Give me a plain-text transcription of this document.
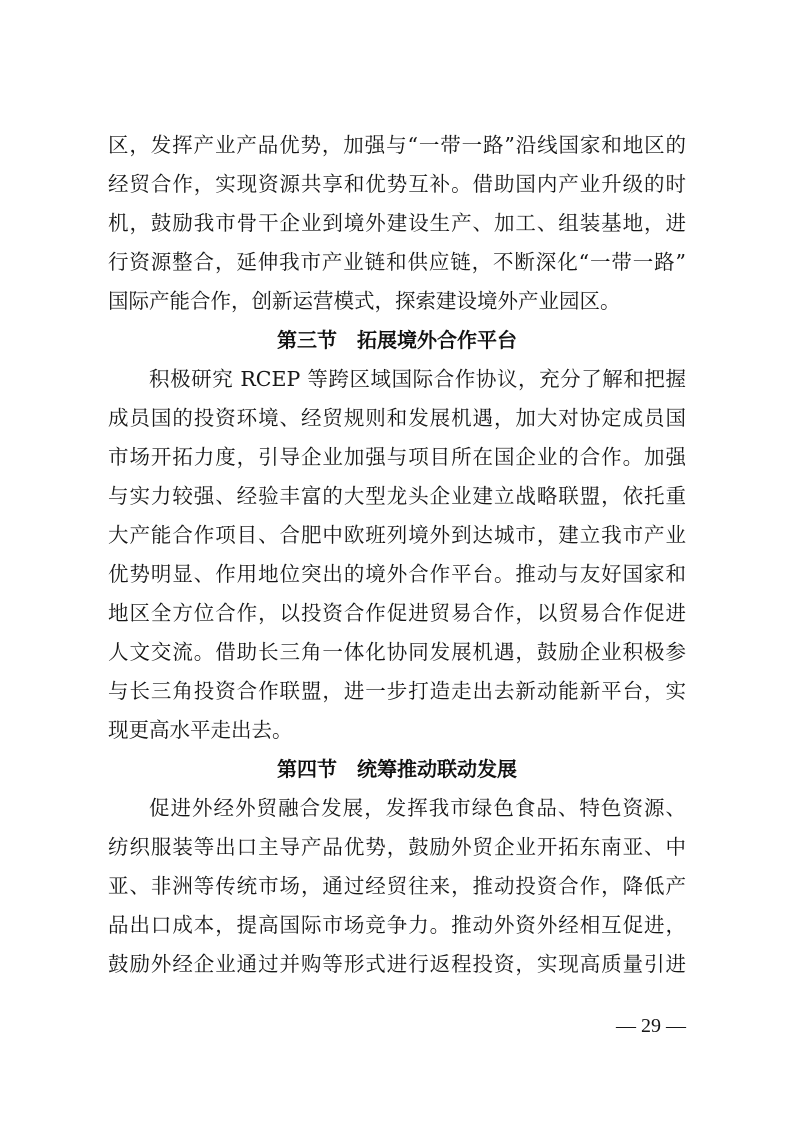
区，发挥产业产品优势，加强与“一带一路”沿线国家和地区的
经贸合作，实现资源共享和优势互补。借助国内产业升级的时
机，鼓励我市骨干企业到境外建设生产、加工、组装基地，进
行资源整合，延伸我市产业链和供应链，不断深化“一带一路”
国际产能合作，创新运营模式，探索建设境外产业园区。
第三节　拓展境外合作平台
积极研究 RCEP 等跨区域国际合作协议，充分了解和把握
成员国的投资环境、经贸规则和发展机遇，加大对协定成员国
市场开拓力度，引导企业加强与项目所在国企业的合作。加强
与实力较强、经验丰富的大型龙头企业建立战略联盟，依托重
大产能合作项目、合肥中欧班列境外到达城市，建立我市产业
优势明显、作用地位突出的境外合作平台。推动与友好国家和
地区全方位合作，以投资合作促进贸易合作，以贸易合作促进
人文交流。借助长三角一体化协同发展机遇，鼓励企业积极参
与长三角投资合作联盟，进一步打造走出去新动能新平台，实
现更高水平走出去。
第四节　统筹推动联动发展
促进外经外贸融合发展，发挥我市绿色食品、特色资源、
纺织服装等出口主导产品优势，鼓励外贸企业开拓东南亚、中
亚、非洲等传统市场，通过经贸往来，推动投资合作，降低产
品出口成本，提高国际市场竞争力。推动外资外经相互促进，
鼓励外经企业通过并购等形式进行返程投资，实现高质量引进
— 29 —
